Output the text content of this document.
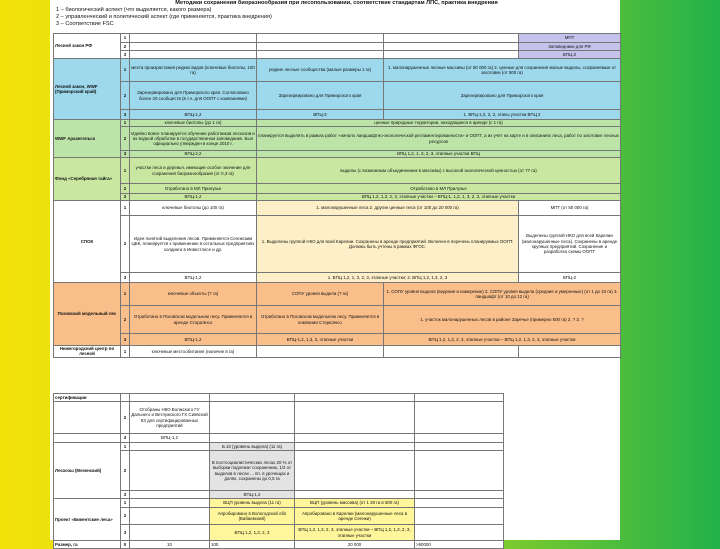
Методики сохранения биоразнообразия при лесопользовании, соответствие стандартам ЛПС, практика внедрения
1 – биологический аспект (что выделяется, какого размера)
2 – управленческий и политический аспект (где применяется, практика внедрения)
3 – Соответствие FSC
Лесной закон РФ	1				МПТ
	2				Заповедники для РФ
	3				ВПЦ-2
Лесной закон, WWF (Приморский край)	1	места произрастания редких видов (ключевые биотопы, 100 га)	редкие лесные сообщества (малые размеры 1 га)	1. малонарушенные лесные массивы (от 50 000 га) 2. ценные для сохранения малые выделы, сохраняемые от заготовки (от 500 га)	
	2	Зарезервировано для Приморского края. Согласовано более 20 сообществ (в т.ч. для ООПТ с компаниями)	Зарезервировано для Приморского края	Зарезервировано для Приморского края	
	3	ВПЦ-1,2	ВПЦ-3	1. ВПЦ-1,2, 3, 2, этапы участки ВПЦ 2	
WWF Архангельск	1	ключевые биотопы (до 1 га)	ценные природные территории, находящиеся в аренде (с 1 га)		
	2	Идейно вовсе планируется обучение работников лесхозов и их водной обработки в государственном заповеднике. Был официально утвержден в конце 2010 г.	планируется выделять в рамках работ «начало ландшафтно-экологической регламентированности» и ООПТ, а их учёт на карте и в описаниях леса, работ по заготовке лесных ресурсов		
	3	ВПЦ-2,2	ВПЦ 1,2, 1, 3, 2, 3, этапные участки ВПЦ		
Фонд «Серебряная тайга»	1	участки леса и деревья, имеющие особое значение для сохранения биоразнообразия (от 0,3 га)	выделы (с возможным объединением в массивы) с высокой экологической ценностью (от 77 га)		
	2	Отработано в МЛ Прилузье	Отработано в МЛ Прилузье		
	3	ВПЦ-1,2	ВПЦ 1,2, 1,3, 2, 3, этапные участки – ВПЦ-1, 1,2, 1, 3, 2, 3, этапные участки		
СПОК	1	ключевые биотопы (до 100 га)	1. малонарушенные леса 2. другие ценные леса (от 100 до 20 000 га)		МПТ (от 50 000 га)
	2	Идея понятий выделения лесов. Применяется Сегежским ЦБК, планируется к применению в остальных предприятиях холдинга в Инвестлесе и др.	1. Выделены группой НКО для всей Карелии. Сохранены в аренде предприятий. Включен в перечень планируемых ООПТ. Должны быть учтены в рамках ФГОС.		Выделены группой НКО для всей Карелии (малонарушенные леса). Сохранены в аренде крупных предприятий. Сохранение и разработка схемы ООПТ
	3	ВПЦ-1,2	1. ВПЦ 1,2, 1, 3, 2, 3, этапные участки; 2. ВПЦ 1,2, 1,3, 2, 3		ВПЦ-2
Псковский модельный лес	1	ключевые объекты (? га)	СОПУ уровня выдела (? га)	1. СОПУ уровня выдела (ведение и измерение) 2. СОПУ уровня выдела (средние и умеренные) (от 1 до 10 га) 3. ландшафт (от 10 до 12 га)	
	2	Отработано в Псковском модельном лесу. Применяется в аренде СтораЭнсо	Отработано в Псковском модельном лесу. Применяется в компании СтораЭнсо	1. участок малонарушенных лесов в районе Заречье (примерно 500 га) 2. ? 3. ?	
	3	ВПЦ-1,2	ВПЦ-1,2, 1,3, 3, этапные участки	ВПЦ 1,2, 1,3, 2, 3, этапные участки – ВПЦ 1,2, 1,3, 2, 3, этапные участки	
Нижегородский центр по лесной	1	ключевые местообитания (наличие в га)			
сертификации					
	2	Отобраны НКО Волжского ГУ Дальнего и Ветлужского ГХ Сиявской КЗ для сертифицированных предприятий			
	3	ВПЦ-1,2			
Лесхозы (Мезенский)	1		Б.10 (уровень выдела) (11 га)		
	2		В постсоциалистических лесах 20 % от выборки подлежат сохранению, 1/2 от выделов в лесах ... пп. в урочищах и долях, сохранены до 0,5 га		
	3		ВПЦ-1,2		
Проект «Бикентские леса»	1		ВЦП уровень выдела (11 га)	ВЦП (уровень массива) (от 1 30 га в 500 га)	
	2		Апробировано в Вологодской обл (Бабаевский)	Апробировано в Карелии (малонарушенные леса в аренде Сегежи)	
	3		ВПЦ 1,2, 1,3, 2, 3	ВПЦ 1,2, 1,3, 2, 3, этапные участки – ВПЦ 1,2, 1,3, 2, 3, этапные участки	
Размер, га	0	10	100	20 000	>50000
